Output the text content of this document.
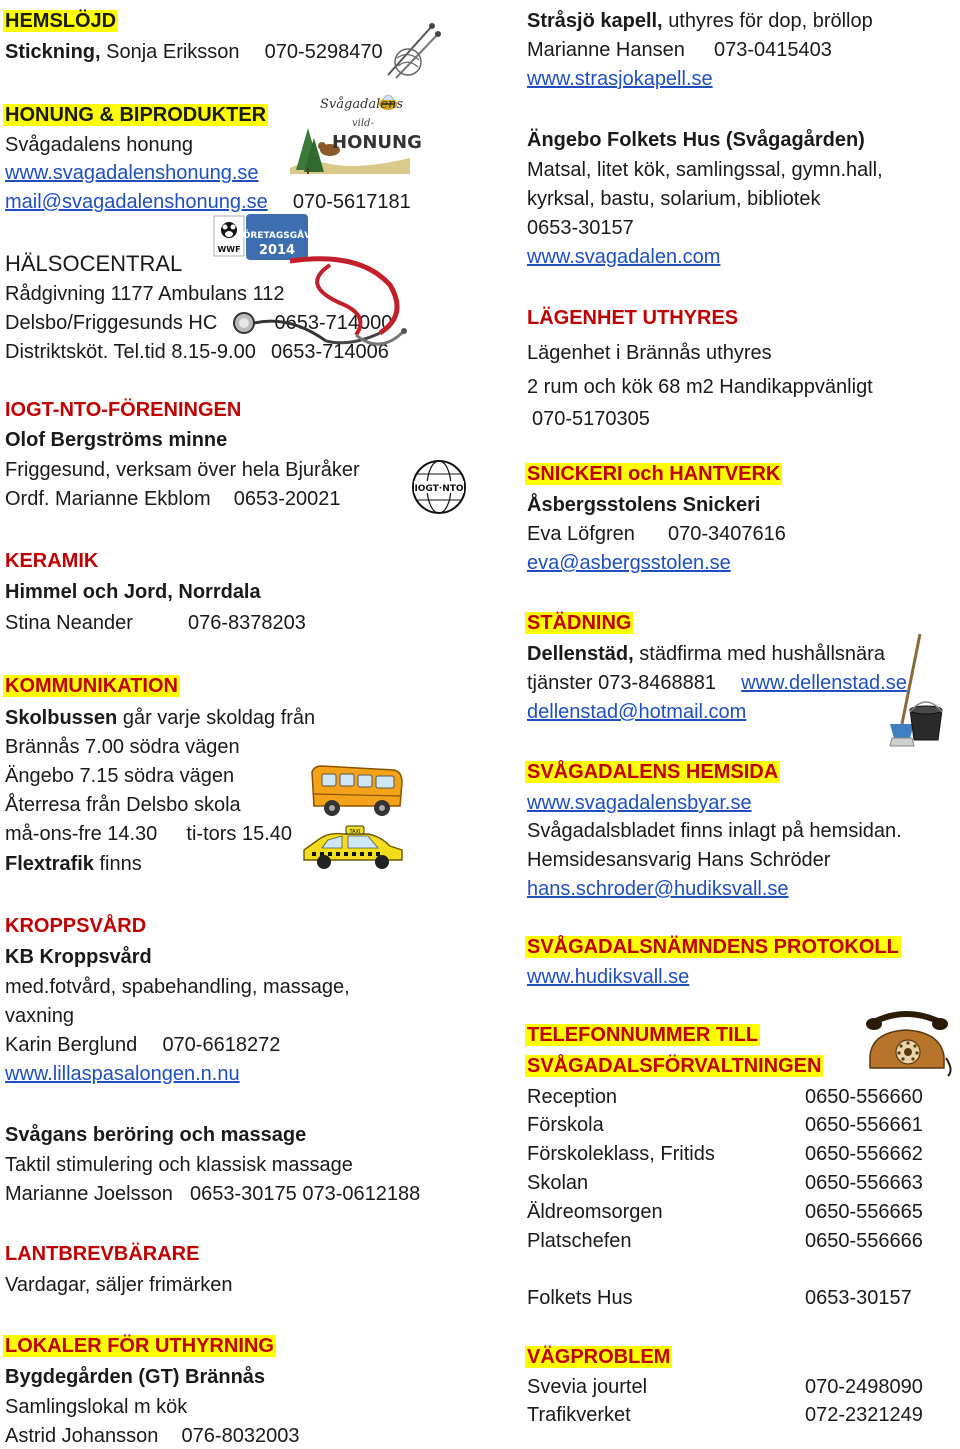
HEMSLÖJD
Stickning, Sonja Eriksson 070-5298470
HONUNG & BIPRODUKTER
Svågadalens honung
www.svagadalenshonung.se
mail@svagadalenshonung.se 070-5617181
HÄLSOCENTRAL
Rådgivning 1177 Ambulans 112
Delsbo/Friggesunds HC	0653-714000
Distriktsköt. Tel.tid 8.15-9.00 0653-714006
IOGT-NTO-FÖRENINGEN
Olof Bergströms minne
Friggesund, verksam över hela Bjuråker
Ordf. Marianne Ekblom 0653-20021
KERAMIK
Himmel och Jord, Norrdala
Stina Neander	076-8378203
KOMMUNIKATION
Skolbussen går varje skoldag från
Brännås 7.00 södra vägen
Ängebo 7.15 södra vägen
Återresa från Delsbo skola
må-ons-fre 14.30 ti-tors 15.40
Flextrafik finns
KROPPSVÅRD
KB Kroppsvård
med.fotvård, spabehandling, massage,
vaxning
Karin Berglund 070-6618272
www.lillaspasalongen.n.nu
Svågans beröring och massage
Taktil stimulering och klassisk massage
Marianne Joelsson 0653-30175 073-0612188
LANTBREVBÄRARE
Vardagar, säljer frimärken
LOKALER FÖR UTHYRNING
Bygdegården (GT) Brännås
Samlingslokal m kök
Astrid Johansson 076-8032003
Svågadalens
vild-
HONUNG
WWF
FÖRETAGSGÅVA
2014
IOGT·NTO
TAXI
Stråsjö kapell, uthyres för dop, bröllop
Marianne Hansen 073-0415403
www.strasjokapell.se
Ängebo Folkets Hus (Svågagården)
Matsal, litet kök, samlingssal, gymn.hall,
kyrksal, bastu, solarium, bibliotek
0653-30157
www.svagadalen.com
LÄGENHET UTHYRES
Lägenhet i Brännås uthyres
2 rum och kök 68 m2 Handikappvänligt
070-5170305
SNICKERI och HANTVERK
Åsbergsstolens Snickeri
Eva Löfgren 070-3407616
eva@asbergsstolen.se
STÄDNING
Dellenstäd, städfirma med hushållsnära
tjänster 073-8468881 www.dellenstad.se
dellenstad@hotmail.com
SVÅGADALENS HEMSIDA
www.svagadalensbyar.se
Svågadalsbladet finns inlagt på hemsidan.
Hemsidesansvarig Hans Schröder
hans.schroder@hudiksvall.se
SVÅGADALSNÄMNDENS PROTOKOLL
www.hudiksvall.se
TELEFONNUMMER TILL
SVÅGADALSFÖRVALTNINGEN
Reception	0650-556660
Förskola	0650-556661
Förskoleklass, Fritids	0650-556662
Skolan	0650-556663
Äldreomsorgen	0650-556665
Platschefen	0650-556666
Folkets Hus	0653-30157
VÄGPROBLEM
Svevia jourtel	070-2498090
Trafikverket	072-2321249
